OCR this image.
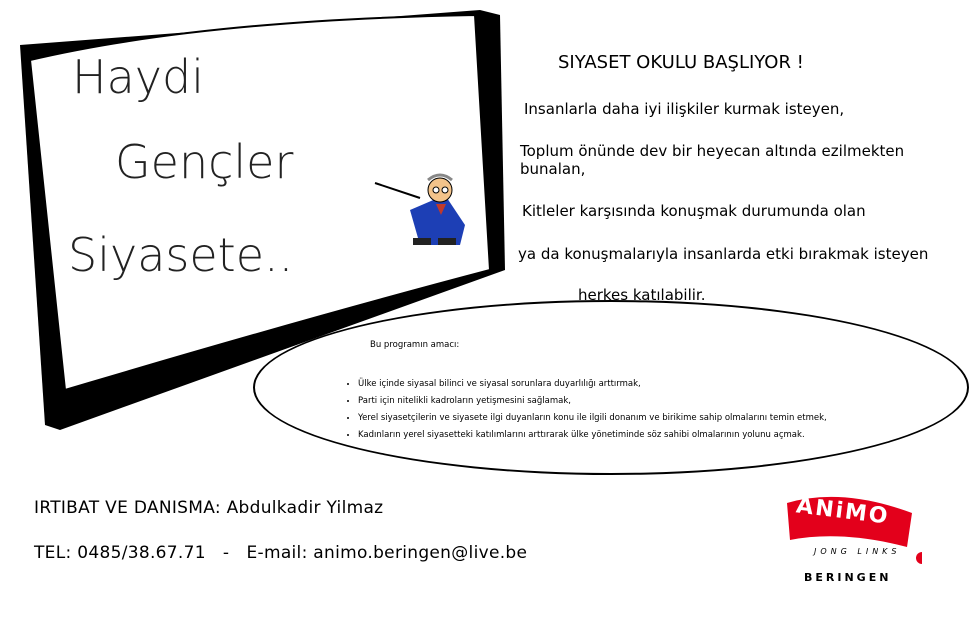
Haydi
Gençler
Siyasete..
SIYASET OKULU BAŞLIYOR !
Insanlarla daha iyi ilişkiler kurmak isteyen,
Toplum önünde dev bir heyecan altında ezilmekten
bunalan,
Kitleler karşısında konuşmak durumunda olan
ya da konuşmalarıyla insanlarda etki bırakmak isteyen
herkes katılabilir.
Bu programın amacı:
• Ülke içinde siyasal bilinci ve siyasal sorunlara duyarlılığı arttırmak,
• Parti için nitelikli kadroların yetişmesini sağlamak,
• Yerel siyasetçilerin ve siyasete ilgi duyanların konu ile ilgili donanım ve birikime sahip olmalarını temin etmek,
• Kadınların yerel siyasetteki katılımlarını arttırarak ülke yönetiminde söz sahibi olmalarının yolunu açmak.
IRTIBAT VE DANISMA: Abdulkadir Yilmaz
TEL: 0485/38.67.71   -   E-mail: animo.beringen@live.be
ANiMO
JONG LINKS
BERINGEN
